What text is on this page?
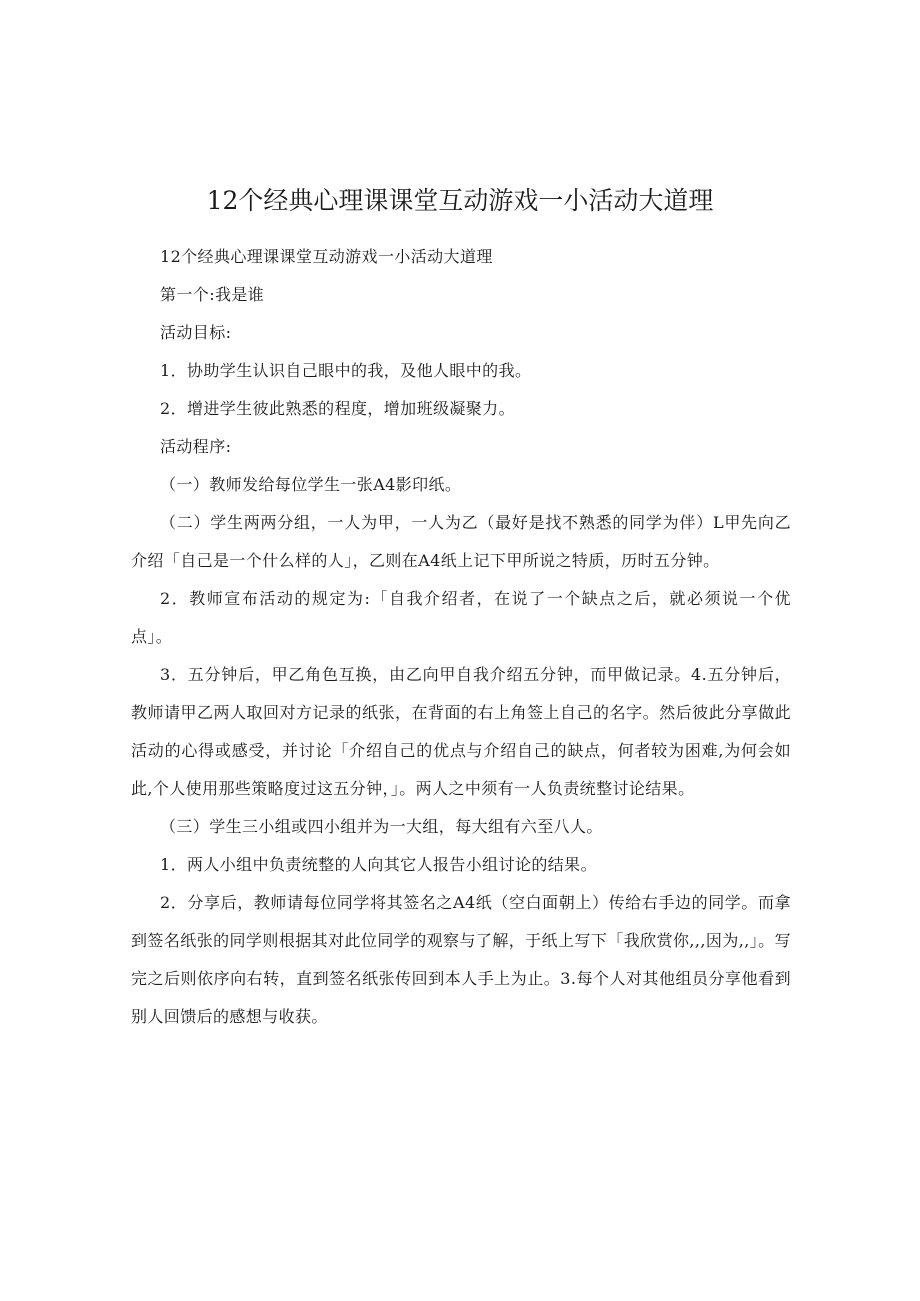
12个经典心理课课堂互动游戏一小活动大道理

12个经典心理课课堂互动游戏一小活动大道理

第一个:我是谁

活动目标:

1．协助学生认识自己眼中的我，及他人眼中的我。

2．增进学生彼此熟悉的程度，增加班级凝聚力。

活动程序:

（一）教师发给每位学生一张A4影印纸。

（二）学生两两分组，一人为甲，一人为乙（最好是找不熟悉的同学为伴）L甲先向乙介绍「自己是一个什么样的人」，乙则在A4纸上记下甲所说之特质，历时五分钟。

2．教师宣布活动的规定为:「自我介绍者，在说了一个缺点之后，就必须说一个优点」。

3．五分钟后，甲乙角色互换，由乙向甲自我介绍五分钟，而甲做记录。4.五分钟后，教师请甲乙两人取回对方记录的纸张，在背面的右上角签上自己的名字。然后彼此分享做此活动的心得或感受，并讨论「介绍自己的优点与介绍自己的缺点，何者较为困难,为何会如此,个人使用那些策略度过这五分钟，」。两人之中须有一人负责统整讨论结果。

（三）学生三小组或四小组并为一大组，每大组有六至八人。

1．两人小组中负责统整的人向其它人报告小组讨论的结果。

2．分享后，教师请每位同学将其签名之A4纸（空白面朝上）传给右手边的同学。而拿到签名纸张的同学则根据其对此位同学的观察与了解，于纸上写下「我欣赏你,,,因为,,」。写完之后则依序向右转，直到签名纸张传回到本人手上为止。3.每个人对其他组员分享他看到别人回馈后的感想与收获。
